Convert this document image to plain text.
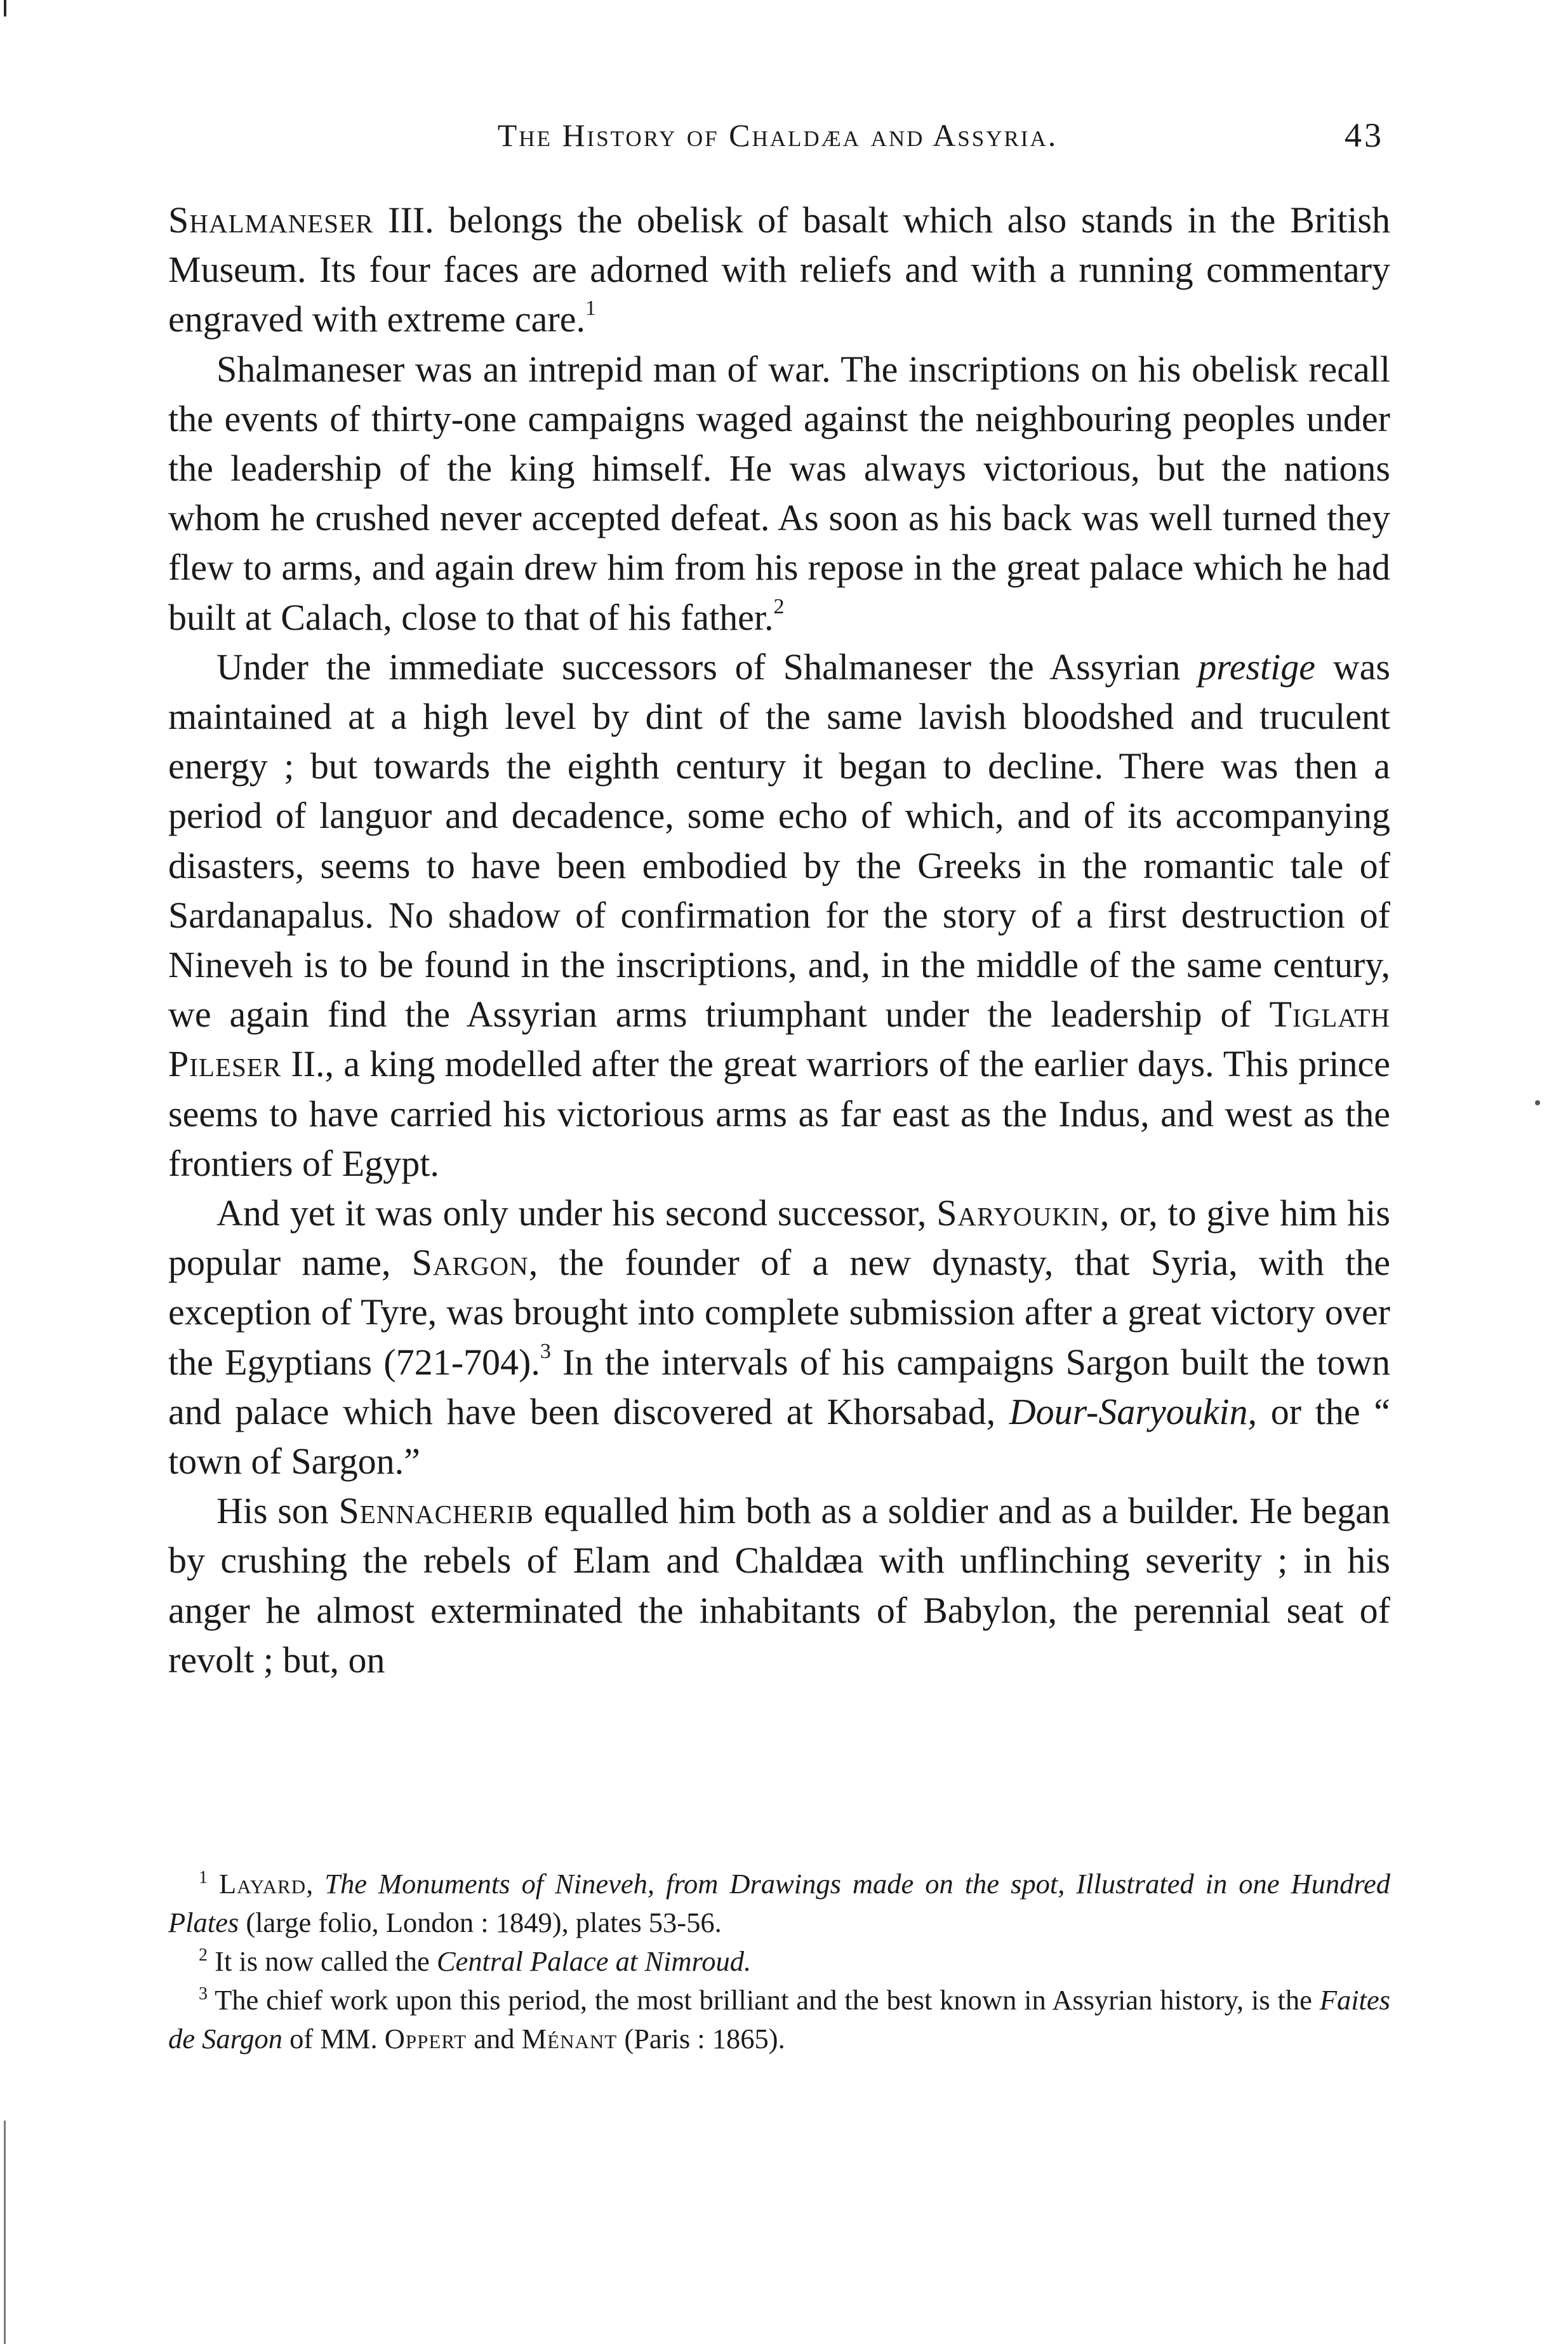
The History of Chaldæa and Assyria.	43

Shalmaneser III. belongs the obelisk of basalt which also stands in the British Museum. Its four faces are adorned with reliefs and with a running commentary engraved with extreme care.$^1$

Shalmaneser was an intrepid man of war. The inscriptions on his obelisk recall the events of thirty-one campaigns waged against the neighbouring peoples under the leadership of the king himself. He was always victorious, but the nations whom he crushed never accepted defeat. As soon as his back was well turned they flew to arms, and again drew him from his repose in the great palace which he had built at Calach, close to that of his father.$^2$

Under the immediate successors of Shalmaneser the Assyrian prestige was maintained at a high level by dint of the same lavish bloodshed and truculent energy ; but towards the eighth century it began to decline. There was then a period of languor and decadence, some echo of which, and of its accompanying disasters, seems to have been embodied by the Greeks in the romantic tale of Sardanapalus. No shadow of confirmation for the story of a first destruction of Nineveh is to be found in the inscriptions, and, in the middle of the same century, we again find the Assyrian arms triumphant under the leadership of Tiglath Pileser II., a king modelled after the great warriors of the earlier days. This prince seems to have carried his victorious arms as far east as the Indus, and west as the frontiers of Egypt.

And yet it was only under his second successor, Saryoukin, or, to give him his popular name, Sargon, the founder of a new dynasty, that Syria, with the exception of Tyre, was brought into complete submission after a great victory over the Egyptians (721-704).$^3$ In the intervals of his campaigns Sargon built the town and palace which have been discovered at Khorsabad, Dour-Saryoukin, or the “ town of Sargon.”

His son Sennacherib equalled him both as a soldier and as a builder. He began by crushing the rebels of Elam and Chaldæa with unflinching severity ; in his anger he almost exterminated the inhabitants of Babylon, the perennial seat of revolt ; but, on

$^1$ Layard, The Monuments of Nineveh, from Drawings made on the spot, Illustrated in one Hundred Plates (large folio, London : 1849), plates 53-56.

$^2$ It is now called the Central Palace at Nimroud.

$^3$ The chief work upon this period, the most brilliant and the best known in Assyrian history, is the Faites de Sargon of MM. Oppert and Ménant (Paris : 1865).
